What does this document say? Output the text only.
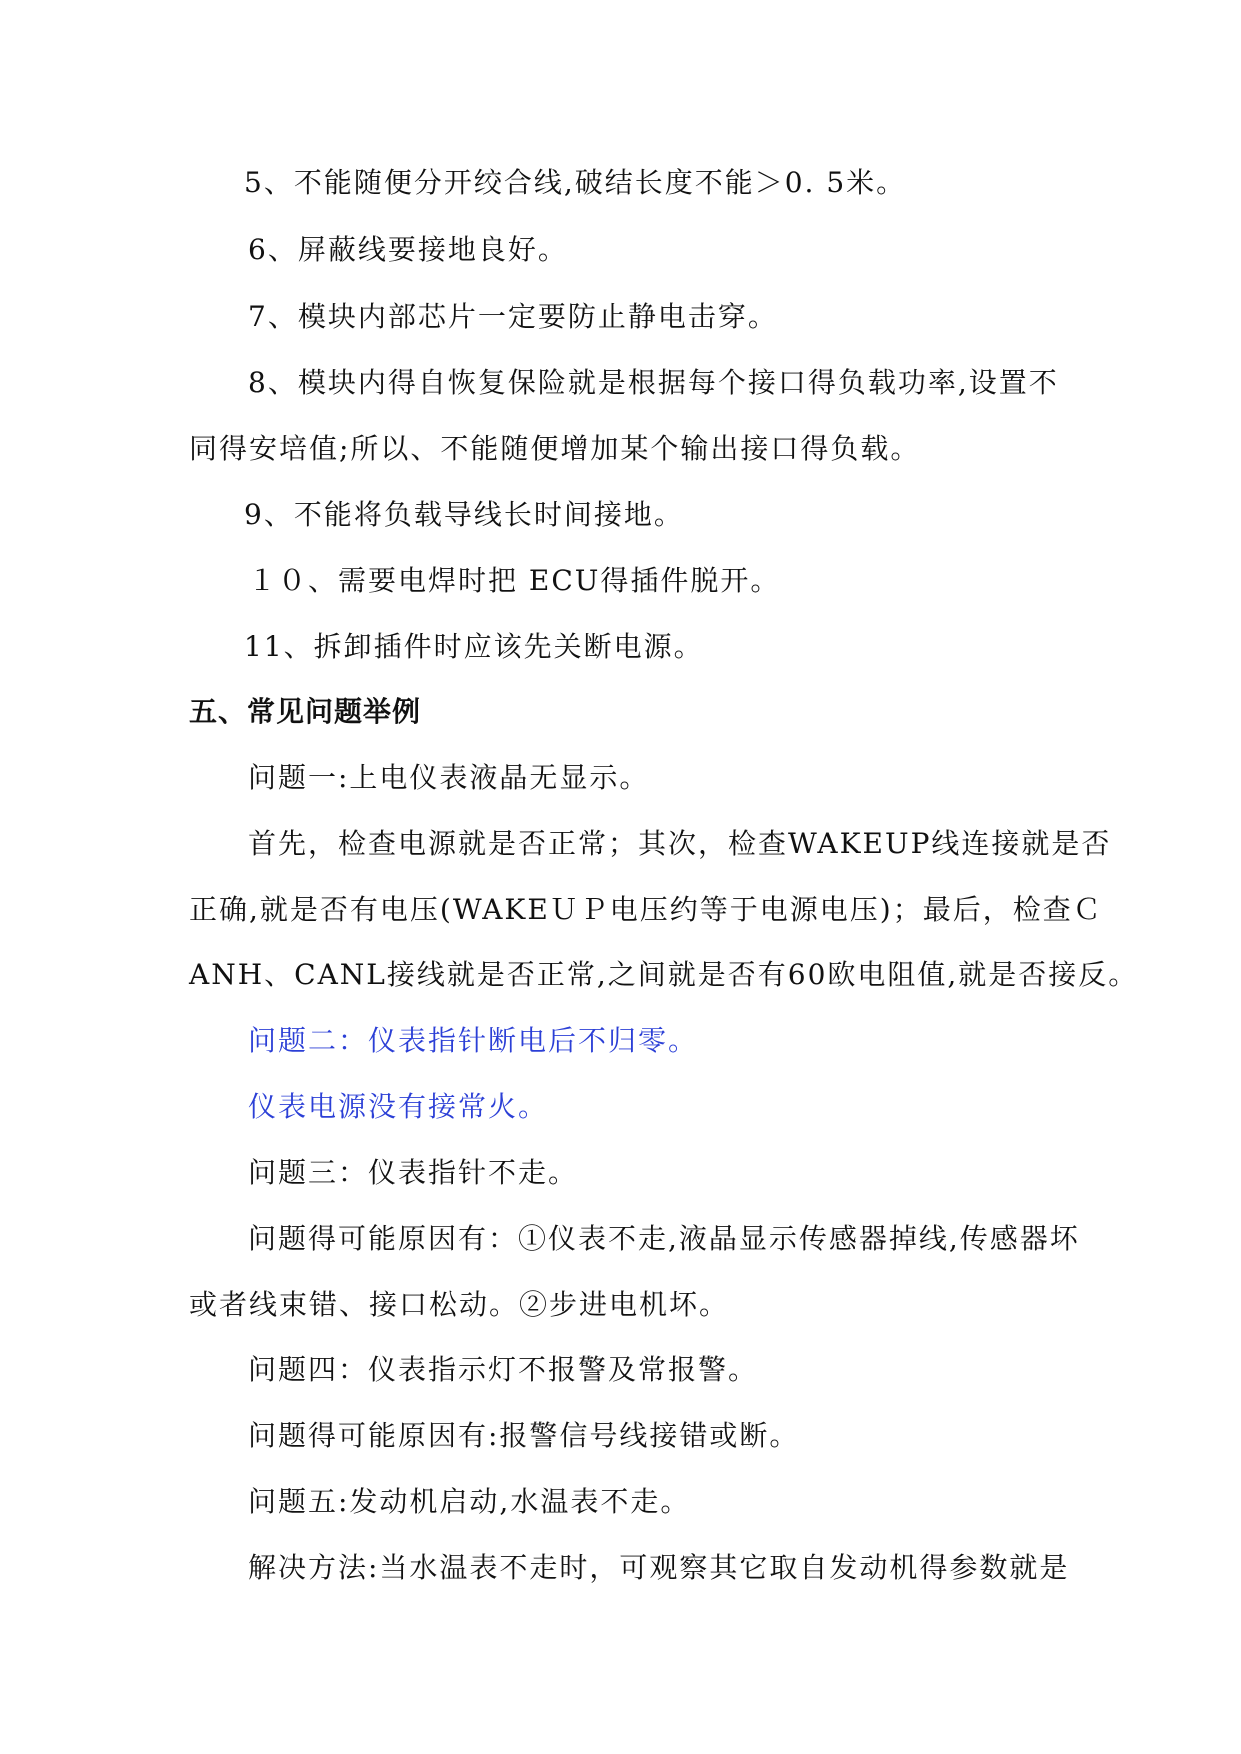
5、不能随便分开绞合线,破结长度不能＞0. 5米。
6、屏蔽线要接地良好。
7、模块内部芯片一定要防止静电击穿。
8、模块内得自恢复保险就是根据每个接口得负载功率,设置不
同得安培值;所以、不能随便增加某个输出接口得负载。
9、不能将负载导线长时间接地。
１０、需要电焊时把 ECU得插件脱开。
11、拆卸插件时应该先关断电源。
五、常见问题举例
问题一:上电仪表液晶无显示。
首先，检查电源就是否正常；其次，检查WAKEUP线连接就是否
正确,就是否有电压(WAKEＵＰ电压约等于电源电压)；最后，检查Ｃ
ANH、CANL接线就是否正常,之间就是否有60欧电阻值,就是否接反。
问题二：仪表指针断电后不归零。
仪表电源没有接常火。
问题三：仪表指针不走。
问题得可能原因有：①仪表不走,液晶显示传感器掉线,传感器坏
或者线束错、接口松动。②步进电机坏。
问题四：仪表指示灯不报警及常报警。
问题得可能原因有:报警信号线接错或断。
问题五:发动机启动,水温表不走。
解决方法:当水温表不走时，可观察其它取自发动机得参数就是
